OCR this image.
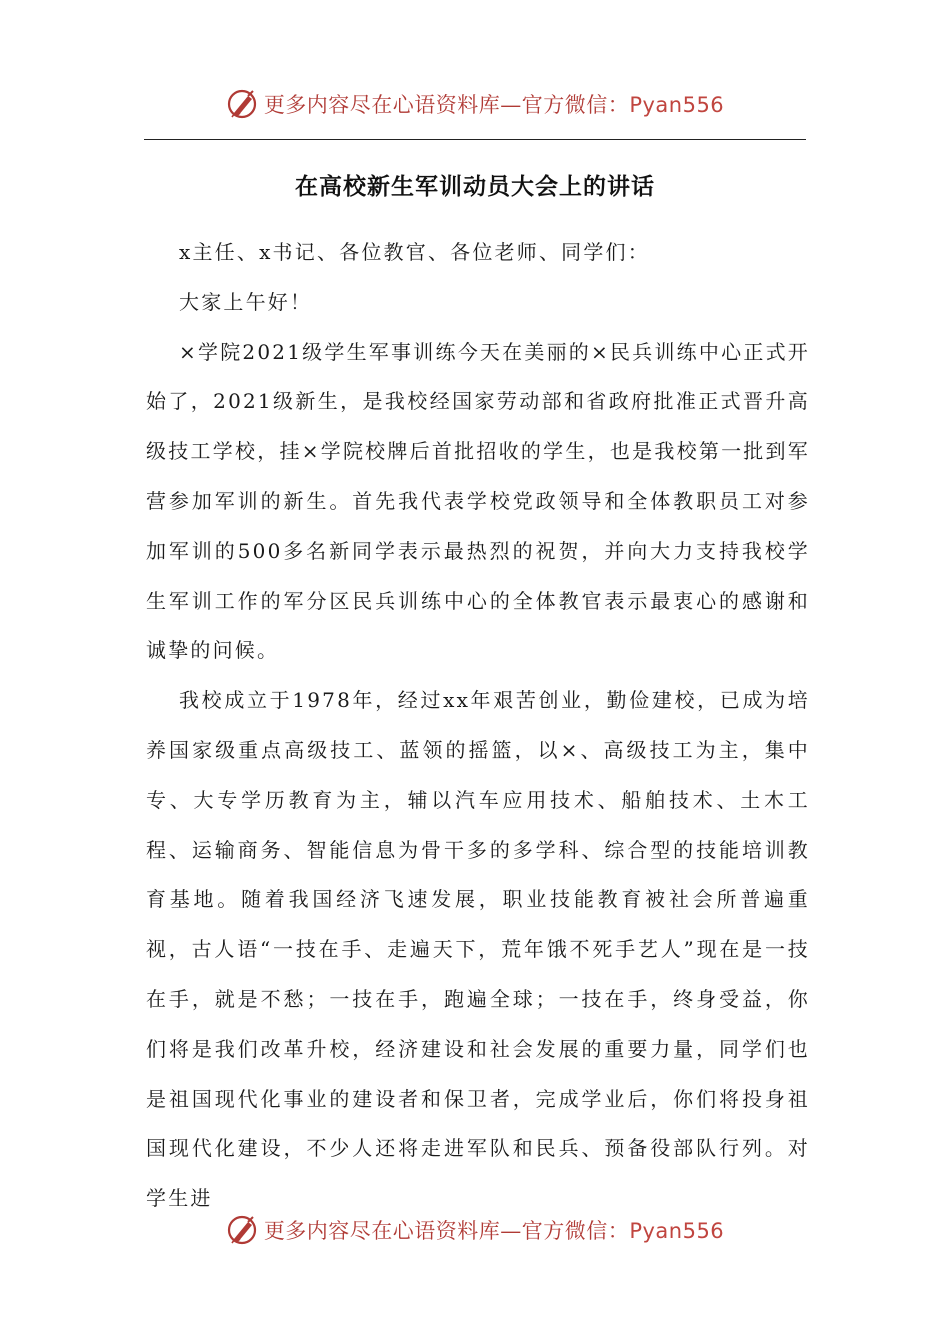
更多内容尽在心语资料库—官方微信：Pyan556
在高校新生军训动员大会上的讲话

x主任、x书记、各位教官、各位老师、同学们：

大家上午好！

×学院2021级学生军事训练今天在美丽的×民兵训练中心正式开始了，2021级新生，是我校经国家劳动部和省政府批准正式晋升高级技工学校，挂×学院校牌后首批招收的学生，也是我校第一批到军营参加军训的新生。首先我代表学校党政领导和全体教职员工对参加军训的500多名新同学表示最热烈的祝贺，并向大力支持我校学生军训工作的军分区民兵训练中心的全体教官表示最衷心的感谢和诚挚的问候。

我校成立于1978年，经过xx年艰苦创业，勤俭建校，已成为培养国家级重点高级技工、蓝领的摇篮，以×、高级技工为主，集中专、大专学历教育为主，辅以汽车应用技术、船舶技术、土木工程、运输商务、智能信息为骨干多的多学科、综合型的技能培训教育基地。随着我国经济飞速发展，职业技能教育被社会所普遍重视，古人语“一技在手、走遍天下，荒年饿不死手艺人”现在是一技在手，就是不愁；一技在手，跑遍全球；一技在手，终身受益，你们将是我们改革升校，经济建设和社会发展的重要力量，同学们也是祖国现代化事业的建设者和保卫者，完成学业后，你们将投身祖国现代化建设，不少人还将走进军队和民兵、预备役部队行列。对学生进

更多内容尽在心语资料库—官方微信：Pyan556
